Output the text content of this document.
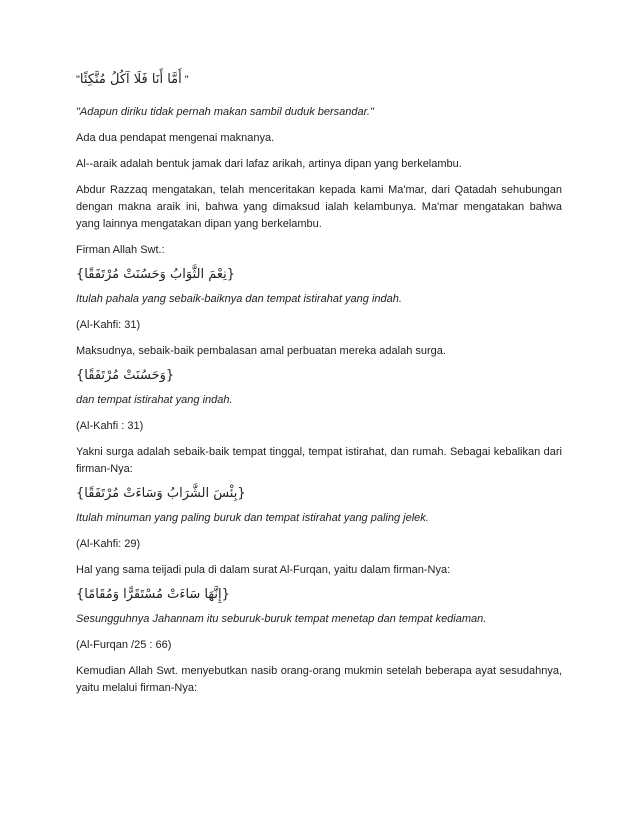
"أَمَّا أَنَا فَلَا آكُلُ مُتَّكِئًا "

"Adapun diriku tidak pernah makan sambil duduk bersandar."

Ada dua pendapat mengenai maknanya.

Al--araik adalah bentuk jamak dari lafaz arikah, artinya dipan yang berkelambu.

Abdur Razzaq mengatakan, telah menceritakan kepada kami Ma'mar, dari Qatadah sehubungan dengan makna araik ini, bahwa yang dimaksud ialah kelambunya. Ma'mar mengatakan bahwa yang lainnya mengatakan dipan yang berkelambu.

Firman Allah Swt.:

{نِعْمَ الثَّوَابُ وَحَسُنَتْ مُرْتَفَقًا}

Itulah pahala yang sebaik-baiknya dan tempat istirahat yang indah.

(Al-Kahfi: 31)

Maksudnya, sebaik-baik pembalasan amal perbuatan mereka adalah surga.

{وَحَسُنَتْ مُرْتَفَقًا}

dan tempat istirahat yang indah.

(Al-Kahfi : 31)

Yakni surga adalah sebaik-baik tempat tinggal, tempat istirahat, dan rumah. Sebagai kebalikan dari firman-Nya:

{بِئْسَ الشَّرَابُ وَسَاءَتْ مُرْتَفَقًا}

Itulah minuman yang paling buruk dan tempat istirahat yang paling jelek.

(Al-Kahfi: 29)

Hal yang sama teijadi pula di dalam surat Al-Furqan, yaitu dalam firman-Nya:

{إِنَّهَا سَاءَتْ مُسْتَقَرًّا وَمُقَامًا}

Sesungguhnya Jahannam itu seburuk-buruk tempat menetap dan tempat kediaman.

(Al-Furqan /25 : 66)

Kemudian Allah Swt. menyebutkan nasib orang-orang mukmin setelah beberapa ayat sesudahnya, yaitu melalui firman-Nya:
